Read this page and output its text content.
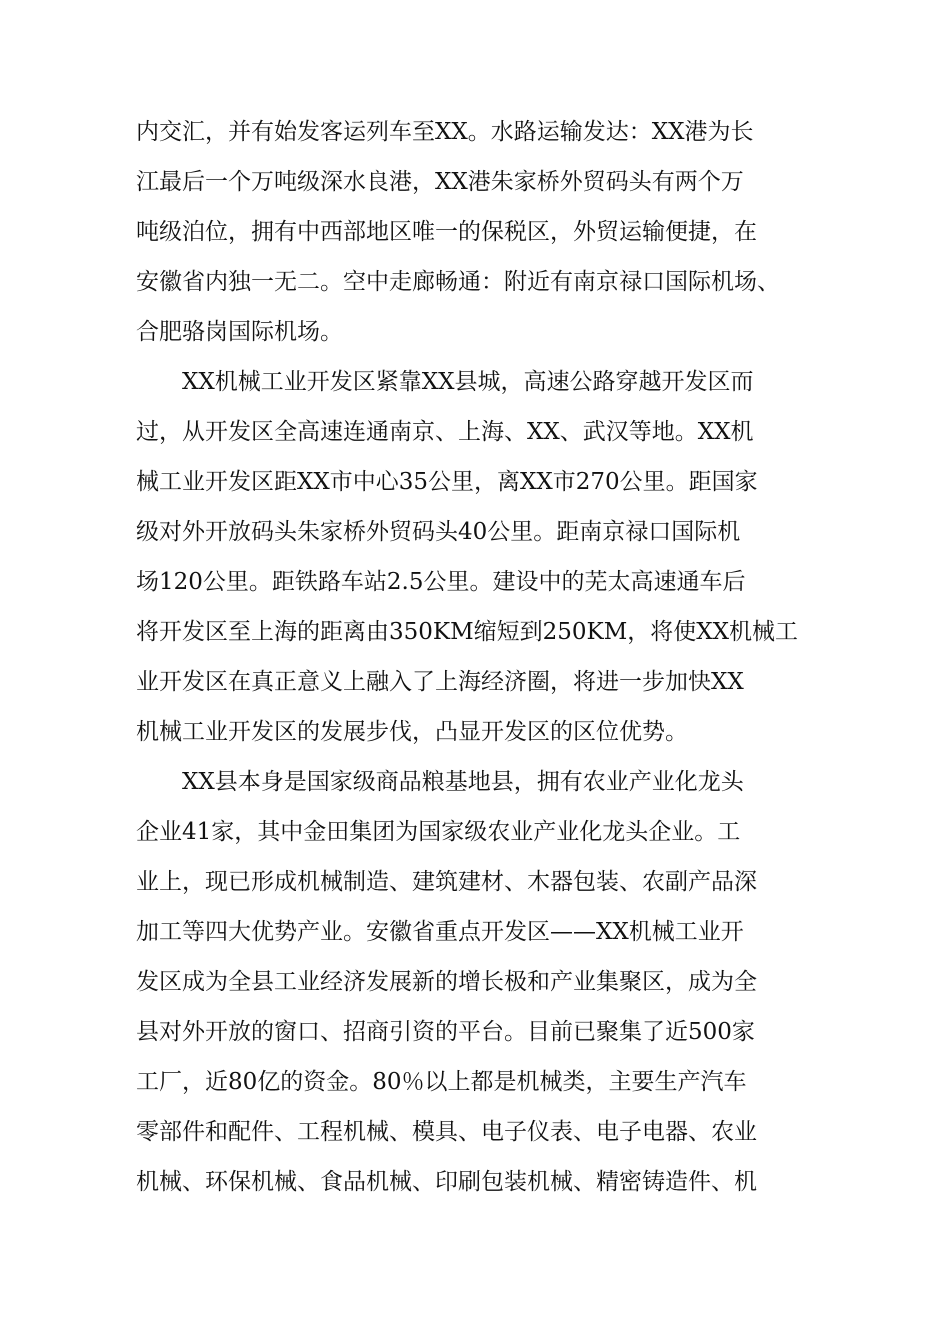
内交汇，并有始发客运列车至XX。水路运输发达：XX港为长
江最后一个万吨级深水良港，XX港朱家桥外贸码头有两个万
吨级泊位，拥有中西部地区唯一的保税区，外贸运输便捷，在
安徽省内独一无二。空中走廊畅通：附近有南京禄口国际机场、
合肥骆岗国际机场。
XX机械工业开发区紧靠XX县城，高速公路穿越开发区而
过，从开发区全高速连通南京、上海、XX、武汉等地。XX机
械工业开发区距XX市中心35公里，离XX市270公里。距国家
级对外开放码头朱家桥外贸码头40公里。距南京禄口国际机
场120公里。距铁路车站2.5公里。建设中的芜太高速通车后
将开发区至上海的距离由350KM缩短到250KM，将使XX机械工
业开发区在真正意义上融入了上海经济圈，将进一步加快XX
机械工业开发区的发展步伐，凸显开发区的区位优势。
XX县本身是国家级商品粮基地县，拥有农业产业化龙头
企业41家，其中金田集团为国家级农业产业化龙头企业。工
业上，现已形成机械制造、建筑建材、木器包装、农副产品深
加工等四大优势产业。安徽省重点开发区——XX机械工业开
发区成为全县工业经济发展新的增长极和产业集聚区，成为全
县对外开放的窗口、招商引资的平台。目前已聚集了近500家
工厂，近80亿的资金。80％以上都是机械类，主要生产汽车
零部件和配件、工程机械、模具、电子仪表、电子电器、农业
机械、环保机械、食品机械、印刷包装机械、精密铸造件、机
